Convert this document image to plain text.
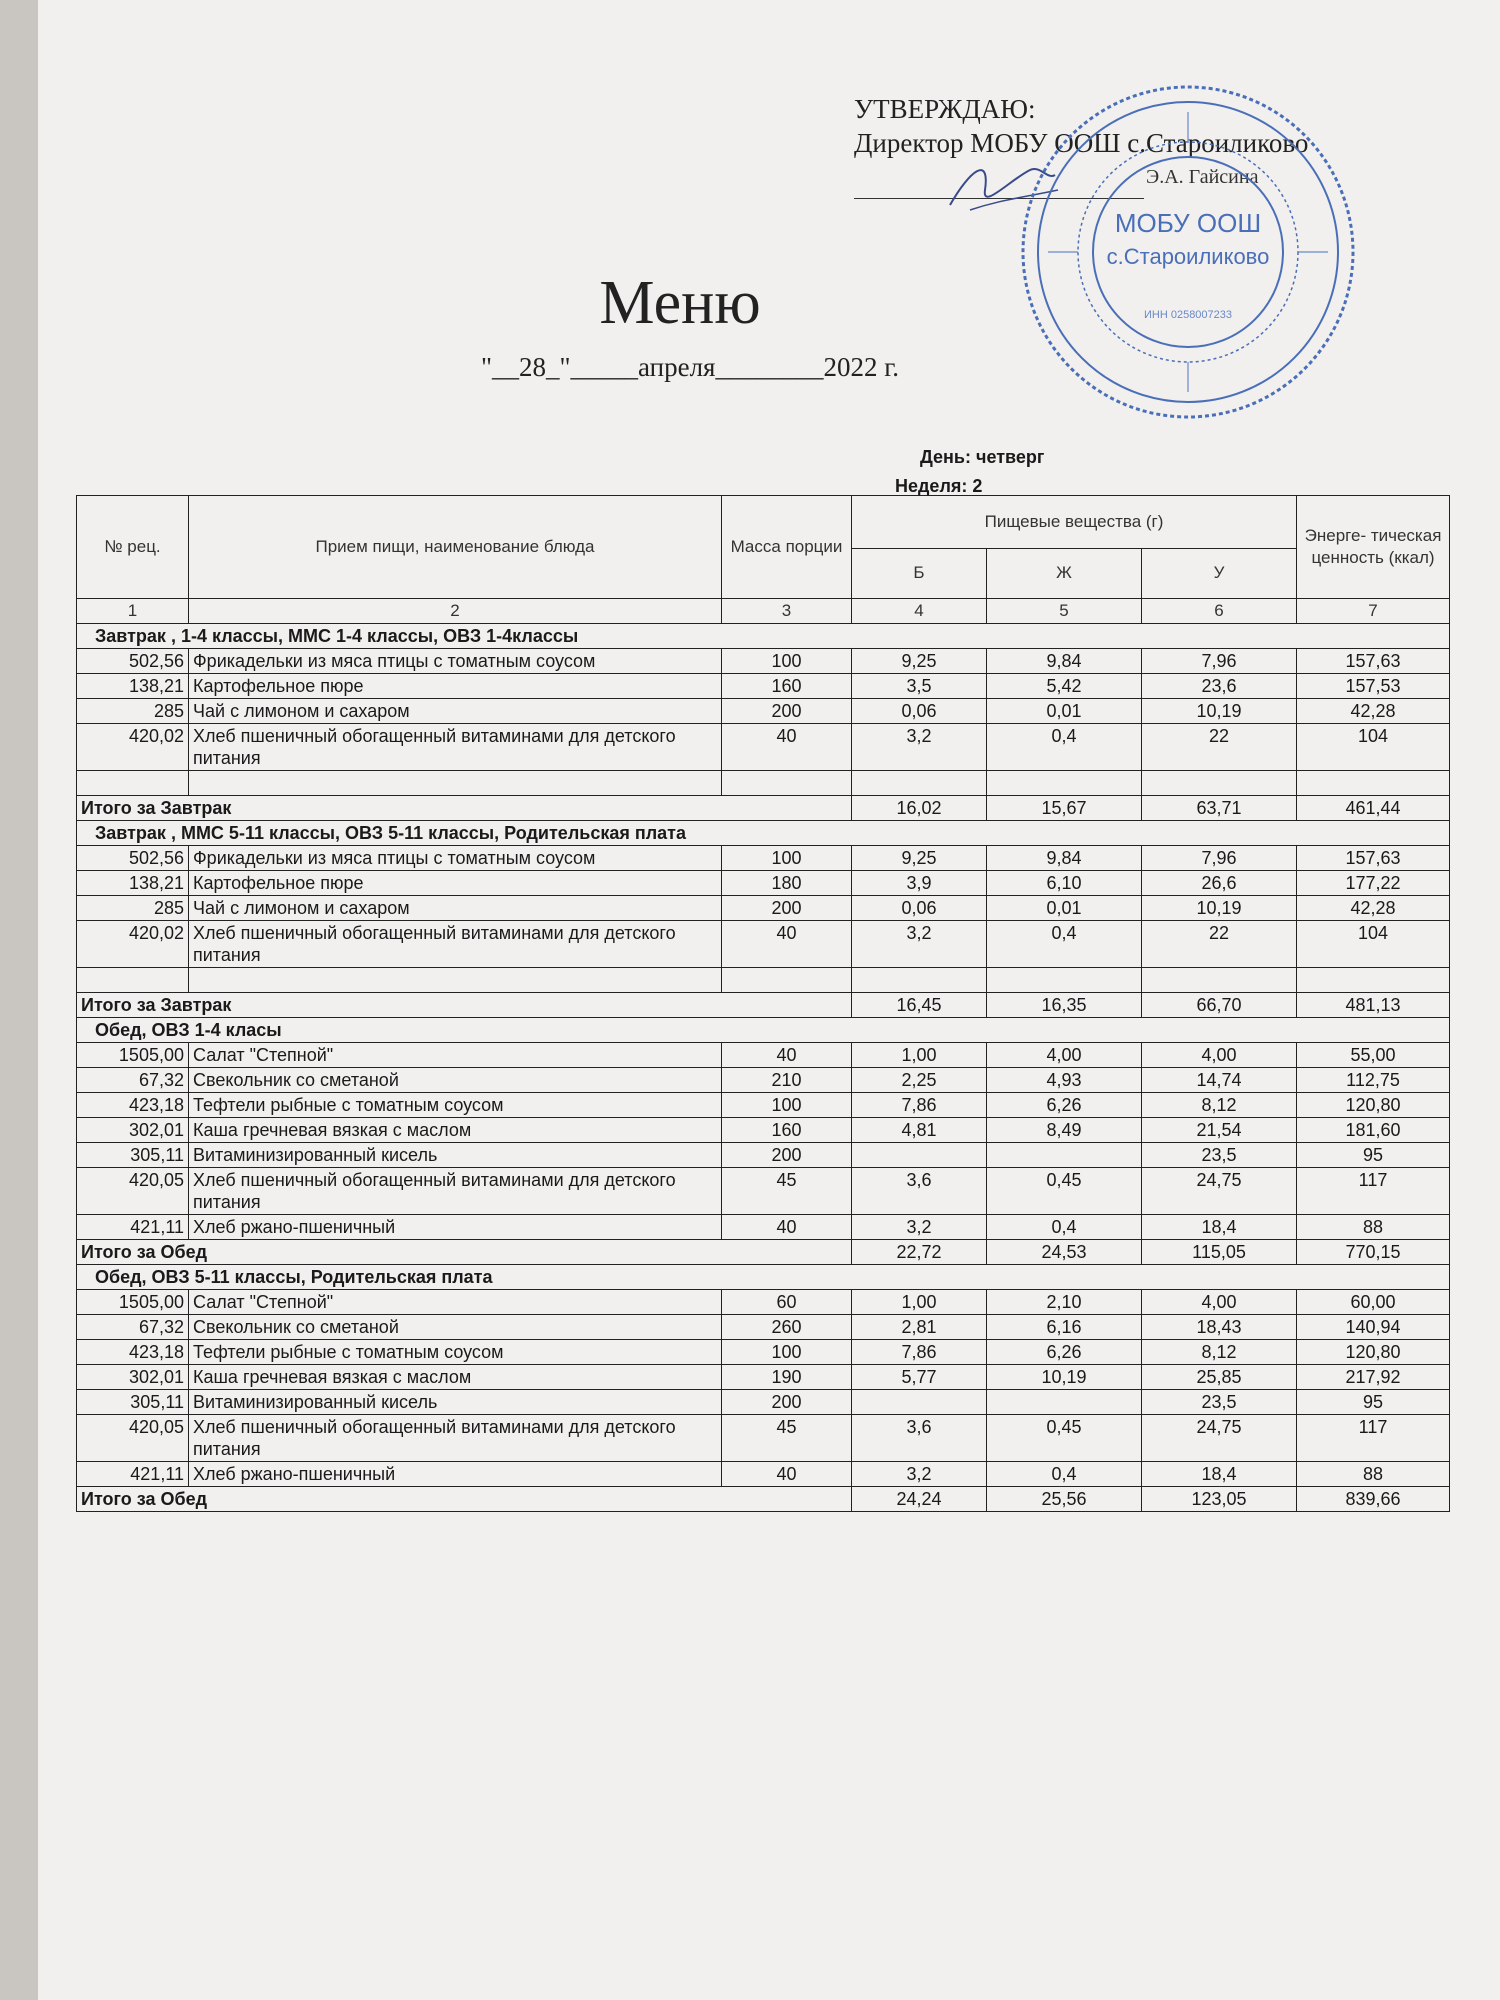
УТВЕРЖДАЮ:
Директор МОБУ ООШ с.Староиликово
Э.А. Гайсина
МОБУ ООШ
с.Староиликово
ИНН 0258007233
Меню
"__28_"_____апреля________2022 г.
День: четверг
Неделя: 2
№ рец.	Прием пищи, наименование блюда	Масса порции	Пищевые вещества (г)			Энерге- тическая ценность (ккал)
			Б	Ж	У	
1	2	3	4	5	6	7
Завтрак , 1-4 классы, ММС 1-4 классы, ОВЗ 1-4классы						
502,56	Фрикадельки из мяса птицы с томатным соусом	100	9,25	9,84	7,96	157,63
138,21	Картофельное пюре	160	3,5	5,42	23,6	157,53
285	Чай с лимоном и сахаром	200	0,06	0,01	10,19	42,28
420,02	Хлеб пшеничный обогащенный витаминами для детского питания	40	3,2	0,4	22	104

Итого за Завтрак			16,02	15,67	63,71	461,44
Завтрак , ММС 5-11 классы, ОВЗ 5-11 классы, Родительская плата						
502,56	Фрикадельки из мяса птицы с томатным соусом	100	9,25	9,84	7,96	157,63
138,21	Картофельное пюре	180	3,9	6,10	26,6	177,22
285	Чай с лимоном и сахаром	200	0,06	0,01	10,19	42,28
420,02	Хлеб пшеничный обогащенный витаминами для детского питания	40	3,2	0,4	22	104

Итого за Завтрак			16,45	16,35	66,70	481,13
Обед, ОВЗ 1-4 класы						
1505,00	Салат "Степной"	40	1,00	4,00	4,00	55,00
67,32	Свекольник со сметаной	210	2,25	4,93	14,74	112,75
423,18	Тефтели рыбные с томатным соусом	100	7,86	6,26	8,12	120,80
302,01	Каша гречневая вязкая с маслом	160	4,81	8,49	21,54	181,60
305,11	Витаминизированный кисель	200			23,5	95
420,05	Хлеб пшеничный обогащенный витаминами для детского питания	45	3,6	0,45	24,75	117
421,11	Хлеб ржано-пшеничный	40	3,2	0,4	18,4	88
Итого за Обед			22,72	24,53	115,05	770,15
Обед, ОВЗ 5-11 классы, Родительская плата						
1505,00	Салат "Степной"	60	1,00	2,10	4,00	60,00
67,32	Свекольник со сметаной	260	2,81	6,16	18,43	140,94
423,18	Тефтели рыбные с томатным соусом	100	7,86	6,26	8,12	120,80
302,01	Каша гречневая вязкая с маслом	190	5,77	10,19	25,85	217,92
305,11	Витаминизированный кисель	200			23,5	95
420,05	Хлеб пшеничный обогащенный витаминами для детского питания	45	3,6	0,45	24,75	117
421,11	Хлеб ржано-пшеничный	40	3,2	0,4	18,4	88
Итого за Обед			24,24	25,56	123,05	839,66
